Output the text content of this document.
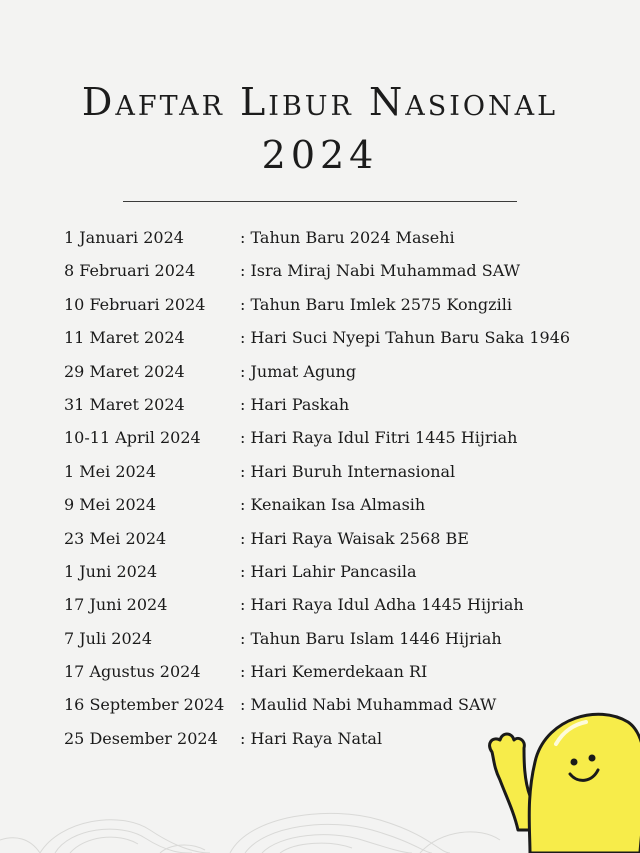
Daftar Libur Nasional
2024
1 Januari 2024	: Tahun Baru 2024 Masehi
8 Februari 2024	: Isra Miraj Nabi Muhammad SAW
10 Februari 2024 : Tahun Baru Imlek 2575 Kongzili
11 Maret 2024	: Hari Suci Nyepi Tahun Baru Saka 1946
29 Maret 2024	: Jumat Agung
31 Maret 2024	: Hari Paskah
10-11 April 2024 : Hari Raya Idul Fitri 1445 Hijriah
1 Mei 2024	: Hari Buruh Internasional
9 Mei 2024	: Kenaikan Isa Almasih
23 Mei 2024	: Hari Raya Waisak 2568 BE
1 Juni 2024	: Hari Lahir Pancasila
17 Juni 2024	: Hari Raya Idul Adha 1445 Hijriah
7 Juli 2024	: Tahun Baru Islam 1446 Hijriah
17 Agustus 2024 : Hari Kemerdekaan RI
16 September 2024 : Maulid Nabi Muhammad SAW
25 Desember 2024 : Hari Raya Natal
